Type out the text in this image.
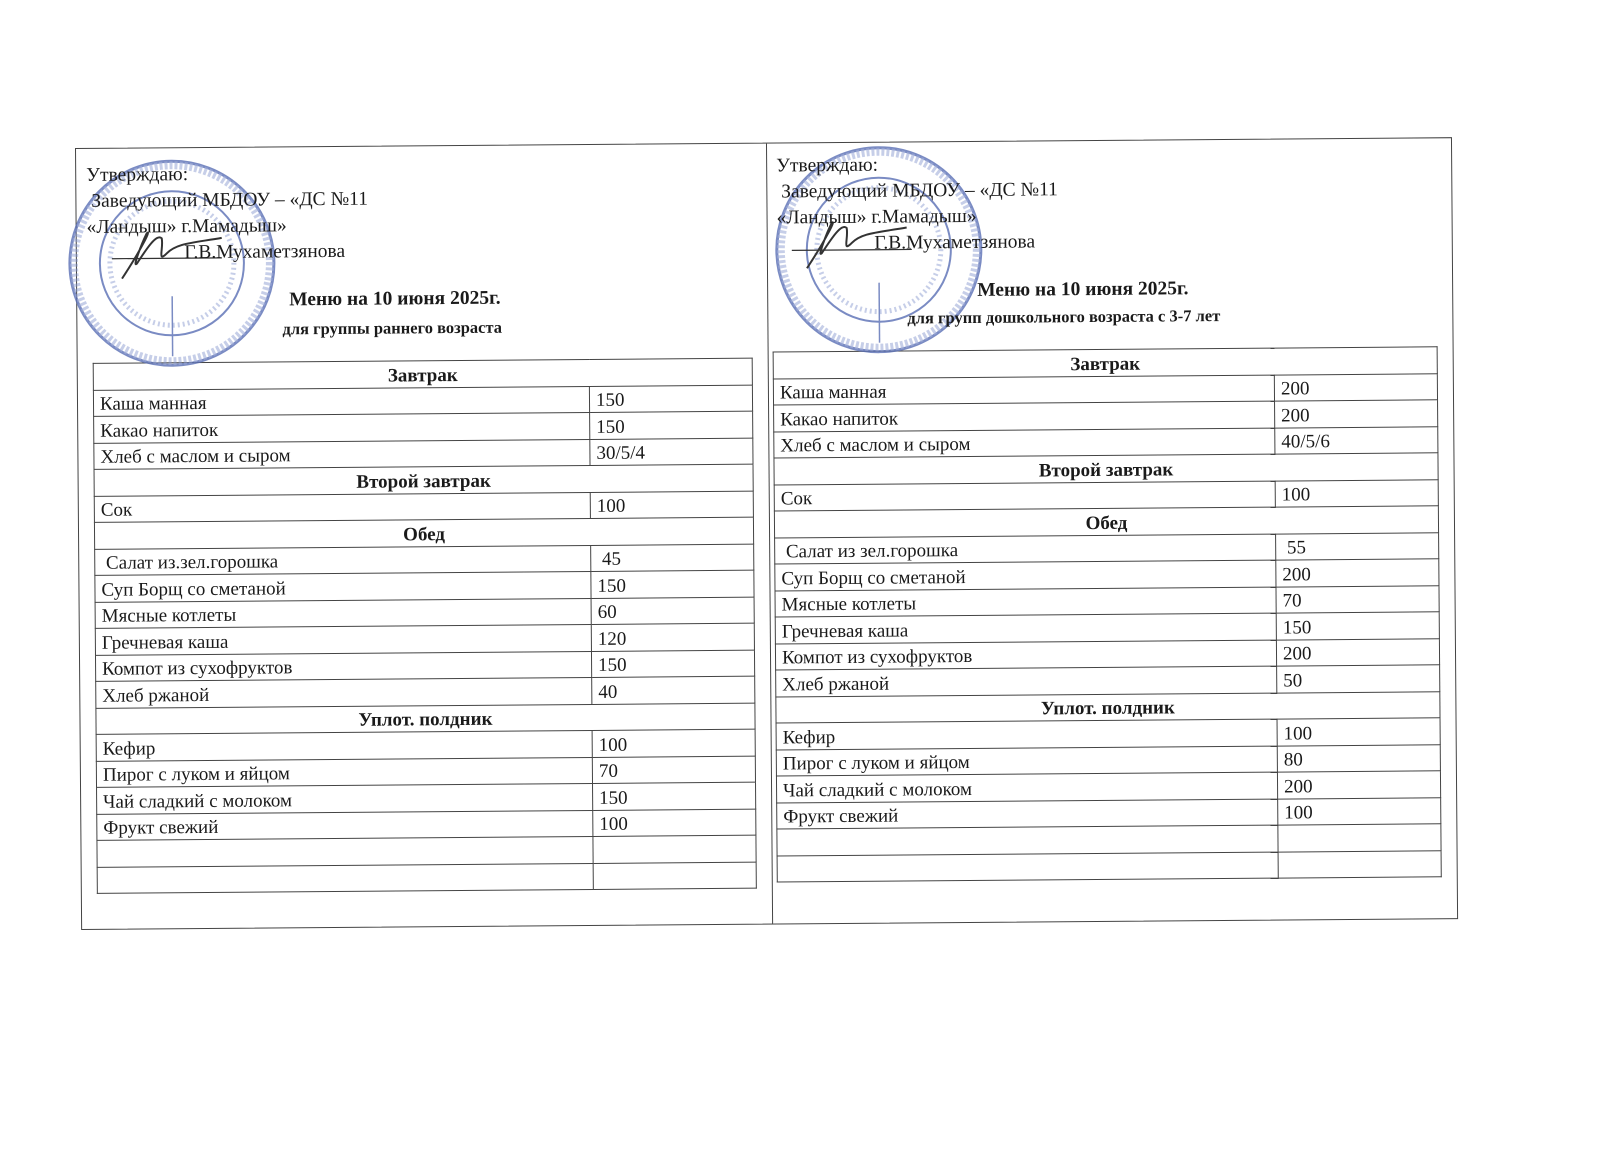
Утверждаю:
Заведующий МБДОУ – «ДС №11
«Ландыш» г.Мамадыш»
Г.В.Мухаметзянова
Меню на 10 июня 2025г.
для группы раннего возраста
Завтрак	
Каша манная	150
Какао напиток	150
Хлеб с маслом и сыром	30/5/4
Второй завтрак	
Сок	100
Обед	
Салат из.зел.горошка	45
Суп Борщ со сметаной	150
Мясные котлеты	60
Гречневая каша	120
Компот из сухофруктов	150
Хлеб ржаной	40
Уплот. полдник	
Кефир	100
Пирог с луком и яйцом	70
Чай сладкий с молоком	150
Фрукт свежий	100

Утверждаю:
Заведующий МБДОУ – «ДС №11
«Ландыш» г.Мамадыш»
Г.В.Мухаметзянова
Меню на 10 июня 2025г.
для групп дошкольного возраста с 3-7 лет
Завтрак	
Каша манная	200
Какао напиток	200
Хлеб с маслом и сыром	40/5/6
Второй завтрак	
Сок	100
Обед	
Салат из зел.горошка	55
Суп Борщ со сметаной	200
Мясные котлеты	70
Гречневая каша	150
Компот из сухофруктов	200
Хлеб ржаной	50
Уплот. полдник	
Кефир	100
Пирог с луком и яйцом	80
Чай сладкий с молоком	200
Фрукт свежий	100
